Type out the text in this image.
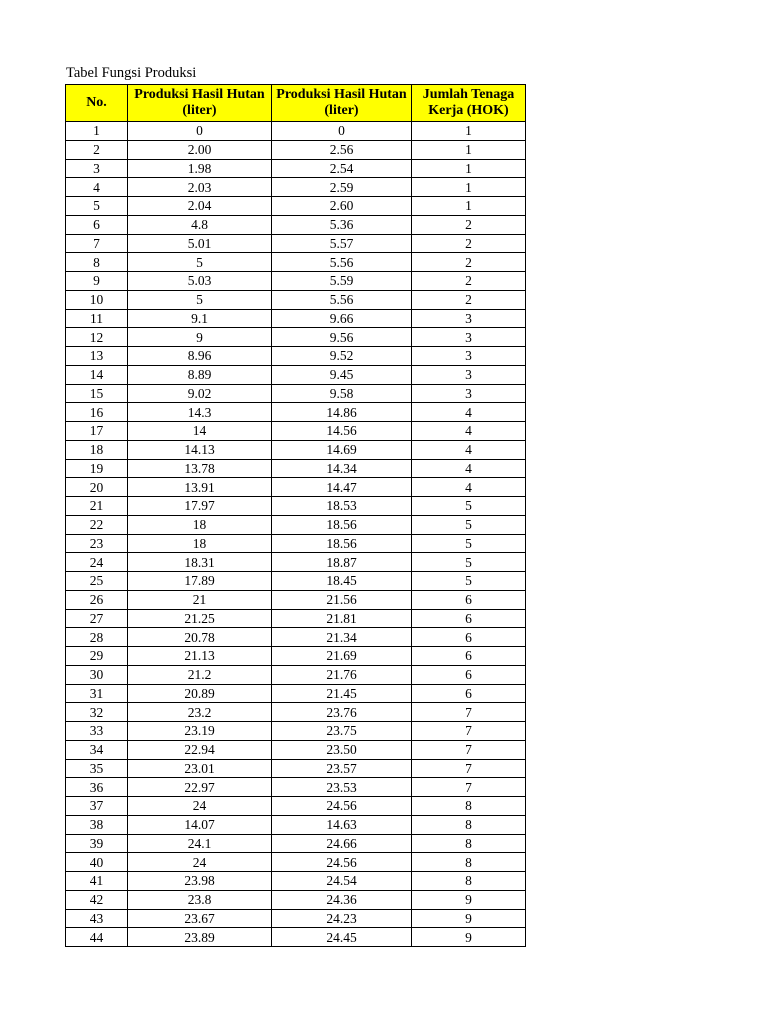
Tabel Fungsi Produksi
No.	Produksi Hasil Hutan (liter)	Produksi Hasil Hutan (liter)	Jumlah Tenaga Kerja (HOK)
1	0	0	1
2	2.00	2.56	1
3	1.98	2.54	1
4	2.03	2.59	1
5	2.04	2.60	1
6	4.8	5.36	2
7	5.01	5.57	2
8	5	5.56	2
9	5.03	5.59	2
10	5	5.56	2
11	9.1	9.66	3
12	9	9.56	3
13	8.96	9.52	3
14	8.89	9.45	3
15	9.02	9.58	3
16	14.3	14.86	4
17	14	14.56	4
18	14.13	14.69	4
19	13.78	14.34	4
20	13.91	14.47	4
21	17.97	18.53	5
22	18	18.56	5
23	18	18.56	5
24	18.31	18.87	5
25	17.89	18.45	5
26	21	21.56	6
27	21.25	21.81	6
28	20.78	21.34	6
29	21.13	21.69	6
30	21.2	21.76	6
31	20.89	21.45	6
32	23.2	23.76	7
33	23.19	23.75	7
34	22.94	23.50	7
35	23.01	23.57	7
36	22.97	23.53	7
37	24	24.56	8
38	14.07	14.63	8
39	24.1	24.66	8
40	24	24.56	8
41	23.98	24.54	8
42	23.8	24.36	9
43	23.67	24.23	9
44	23.89	24.45	9
